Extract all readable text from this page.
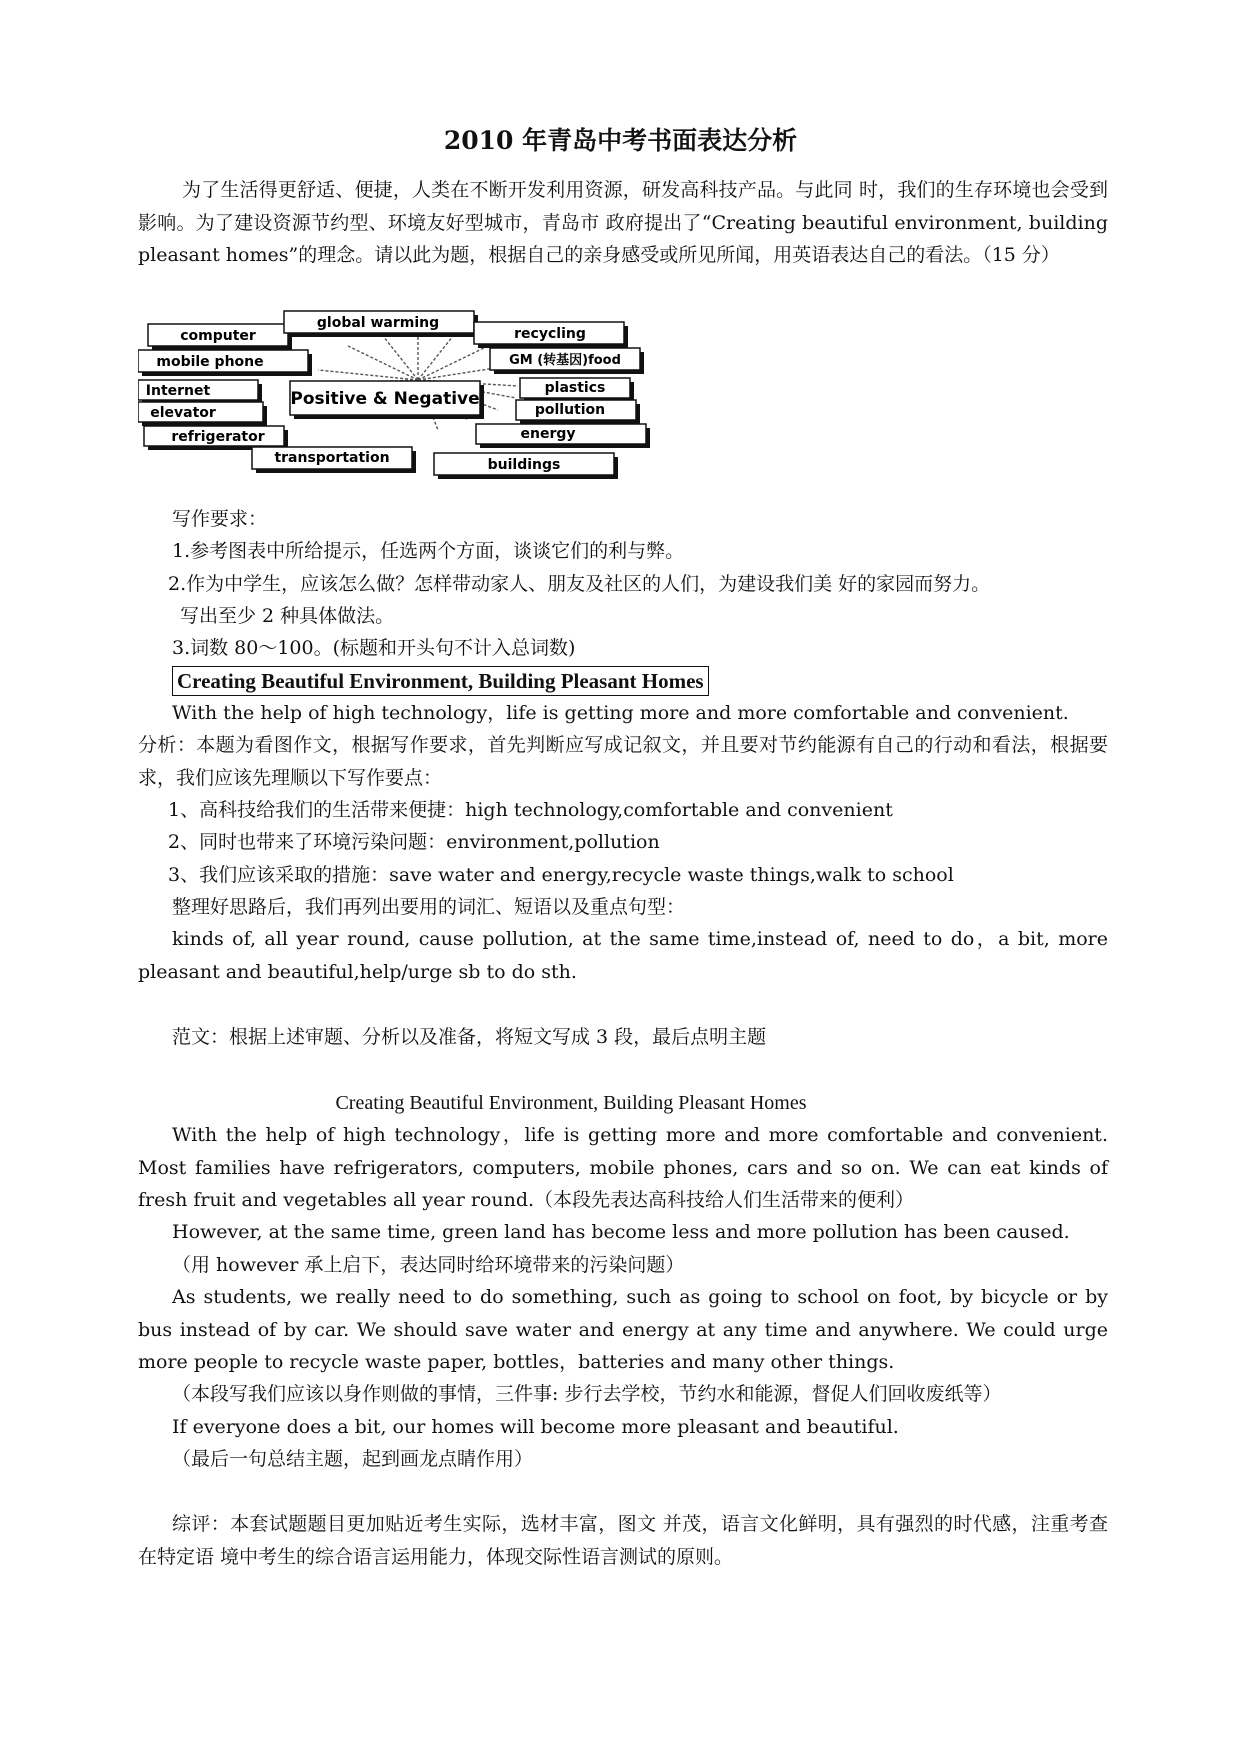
2010 年青岛中考书面表达分析

为了生活得更舒适、便捷，人类在不断开发利用资源，研发高科技产品。与此同 时，我们的生存环境也会受到影响。为了建设资源节约型、环境友好型城市，青岛市 政府提出了“Creating beautiful environment, building pleasant homes”的理念。请以此为题，根据自己的亲身感受或所见所闻，用英语表达自己的看法。（15 分）

computer
global warming
recycling
mobile phone	GM (转基因)food
Internet	Positive & Negative
plastics
elevator	pollution
refrigerator	energy
transportation	buildings
写作要求：
1.参考图表中所给提示，任选两个方面，谈谈它们的利与弊。
2.作为中学生，应该怎么做？怎样带动家人、朋友及社区的人们，为建设我们美 好的家园而努力。
写出至少 2 种具体做法。
3.词数 80～100。(标题和开头句不计入总词数)
Creating Beautiful Environment, Building Pleasant Homes
With the help of high technology，life is getting more and more comfortable and convenient.

分析：本题为看图作文，根据写作要求，首先判断应写成记叙文，并且要对节约能源有自己的行动和看法，根据要求，我们应该先理顺以下写作要点：

1、高科技给我们的生活带来便捷：high technology,comfortable and convenient
2、同时也带来了环境污染问题：environment,pollution
3、我们应该采取的措施：save water and energy,recycle waste things,walk to school
整理好思路后，我们再列出要用的词汇、短语以及重点句型：

kinds of, all year round, cause pollution, at the same time,instead of, need to do，a bit, more pleasant and beautiful,help/urge sb to do sth.

范文：根据上述审题、分析以及准备，将短文写成 3 段，最后点明主题
Creating Beautiful Environment, Building Pleasant Homes

With the help of high technology，life is getting more and more comfortable and convenient. Most families have refrigerators, computers, mobile phones, cars and so on. We can eat kinds of fresh fruit and vegetables all year round.（本段先表达高科技给人们生活带来的便利）

However, at the same time, green land has become less and more pollution has been caused.
（用 however 承上启下，表达同时给环境带来的污染问题）

As students, we really need to do something, such as going to school on foot, by bicycle or by bus instead of by car. We should save water and energy at any time and anywhere. We could urge more people to recycle waste paper, bottles，batteries and many other things.

（本段写我们应该以身作则做的事情，三件事: 步行去学校，节约水和能源，督促人们回收废纸等）
If everyone does a bit, our homes will become more pleasant and beautiful.
（最后一句总结主题，起到画龙点睛作用）

综评：本套试题题目更加贴近考生实际，选材丰富，图文 并茂，语言文化鲜明，具有强烈的时代感，注重考查在特定语 境中考生的综合语言运用能力，体现交际性语言测试的原则。
